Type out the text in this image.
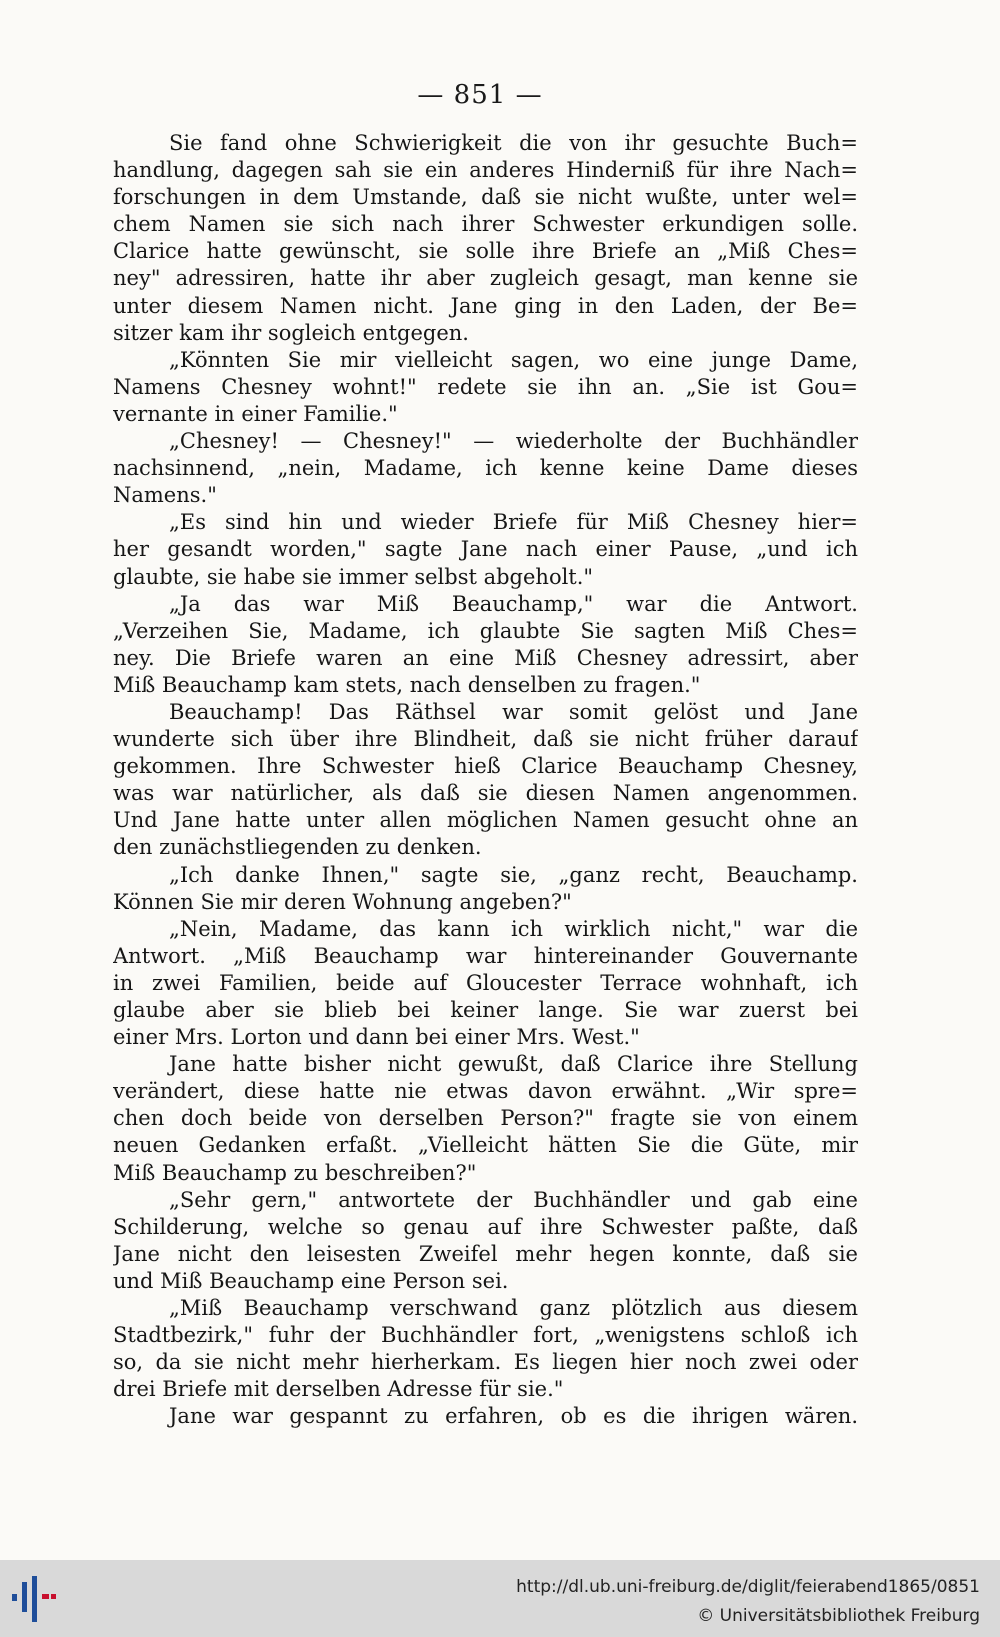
— 851 —
Sie fand ohne Schwierigkeit die von ihr gesuchte Buch=
handlung, dagegen sah sie ein anderes Hinderniß für ihre Nach=
forschungen in dem Umstande, daß sie nicht wußte, unter wel=
chem Namen sie sich nach ihrer Schwester erkundigen solle.
Clarice hatte gewünscht, sie solle ihre Briefe an „Miß Ches=
ney" adressiren, hatte ihr aber zugleich gesagt, man kenne sie
unter diesem Namen nicht. Jane ging in den Laden, der Be=
sitzer kam ihr sogleich entgegen.
„Könnten Sie mir vielleicht sagen, wo eine junge Dame,
Namens Chesney wohnt!" redete sie ihn an. „Sie ist Gou=
vernante in einer Familie."
„Chesney! — Chesney!" — wiederholte der Buchhändler
nachsinnend, „nein, Madame, ich kenne keine Dame dieses
Namens."
„Es sind hin und wieder Briefe für Miß Chesney hier=
her gesandt worden," sagte Jane nach einer Pause, „und ich
glaubte, sie habe sie immer selbst abgeholt."
„Ja das war Miß Beauchamp," war die Antwort.
„Verzeihen Sie, Madame, ich glaubte Sie sagten Miß Ches=
ney. Die Briefe waren an eine Miß Chesney adressirt, aber
Miß Beauchamp kam stets, nach denselben zu fragen."
Beauchamp! Das Räthsel war somit gelöst und Jane
wunderte sich über ihre Blindheit, daß sie nicht früher darauf
gekommen. Ihre Schwester hieß Clarice Beauchamp Chesney,
was war natürlicher, als daß sie diesen Namen angenommen.
Und Jane hatte unter allen möglichen Namen gesucht ohne an
den zunächstliegenden zu denken.
„Ich danke Ihnen," sagte sie, „ganz recht, Beauchamp.
Können Sie mir deren Wohnung angeben?"
„Nein, Madame, das kann ich wirklich nicht," war die
Antwort. „Miß Beauchamp war hintereinander Gouvernante
in zwei Familien, beide auf Gloucester Terrace wohnhaft, ich
glaube aber sie blieb bei keiner lange. Sie war zuerst bei
einer Mrs. Lorton und dann bei einer Mrs. West."
Jane hatte bisher nicht gewußt, daß Clarice ihre Stellung
verändert, diese hatte nie etwas davon erwähnt. „Wir spre=
chen doch beide von derselben Person?" fragte sie von einem
neuen Gedanken erfaßt. „Vielleicht hätten Sie die Güte, mir
Miß Beauchamp zu beschreiben?"
„Sehr gern," antwortete der Buchhändler und gab eine
Schilderung, welche so genau auf ihre Schwester paßte, daß
Jane nicht den leisesten Zweifel mehr hegen konnte, daß sie
und Miß Beauchamp eine Person sei.
„Miß Beauchamp verschwand ganz plötzlich aus diesem
Stadtbezirk," fuhr der Buchhändler fort, „wenigstens schloß ich
so, da sie nicht mehr hierherkam. Es liegen hier noch zwei oder
drei Briefe mit derselben Adresse für sie."
Jane war gespannt zu erfahren, ob es die ihrigen wären.
http://dl.ub.uni-freiburg.de/diglit/feierabend1865/0851
© Universitätsbibliothek Freiburg
